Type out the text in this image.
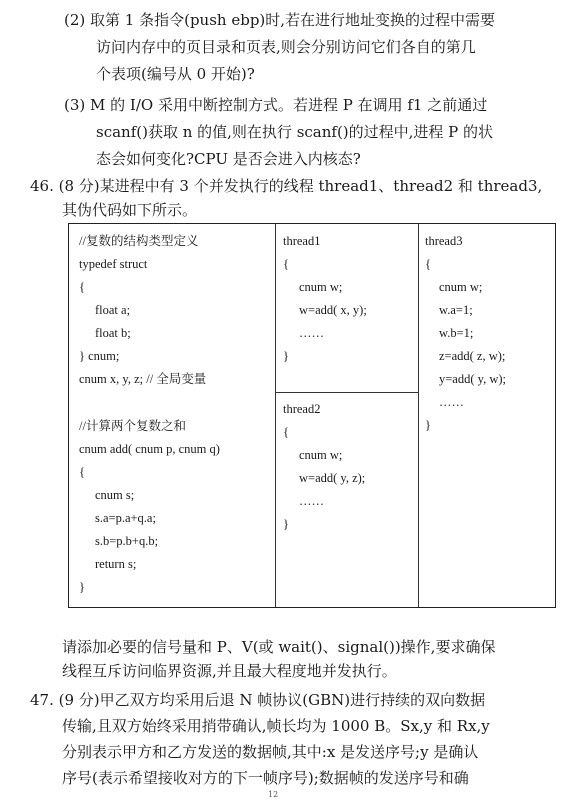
(2) 取第 1 条指令(push ebp)时,若在进行地址变换的过程中需要
访问内存中的页目录和页表,则会分别访问它们各自的第几
个表项(编号从 0 开始)?
(3) M 的 I/O 采用中断控制方式。若进程 P 在调用 f1 之前通过
scanf()获取 n 的值,则在执行 scanf()的过程中,进程 P 的状
态会如何变化?CPU 是否会进入内核态?
46. (8 分)某进程中有 3 个并发执行的线程 thread1、thread2 和 thread3,
其伪代码如下所示。
//复数的结构类型定义
typedef struct
{
float a;
float b;
} cnum;
cnum x, y, z; // 全局变量
//计算两个复数之和
cnum add( cnum p, cnum q)
{
cnum s;
s.a=p.a+q.a;
s.b=p.b+q.b;
return s;
}
thread1
{
cnum w;
w=add( x, y);
……
}
thread2
{
cnum w;
w=add( y, z);
……
}
thread3
{
cnum w;
w.a=1;
w.b=1;
z=add( z, w);
y=add( y, w);
……
}
请添加必要的信号量和 P、V(或 wait()、signal())操作,要求确保
线程互斥访问临界资源,并且最大程度地并发执行。
47. (9 分)甲乙双方均采用后退 N 帧协议(GBN)进行持续的双向数据
传输,且双方始终采用捎带确认,帧长均为 1000 B。Sx,y 和 Rx,y
分别表示甲方和乙方发送的数据帧,其中:x 是发送序号;y 是确认
序号(表示希望接收对方的下一帧序号);数据帧的发送序号和确
12
